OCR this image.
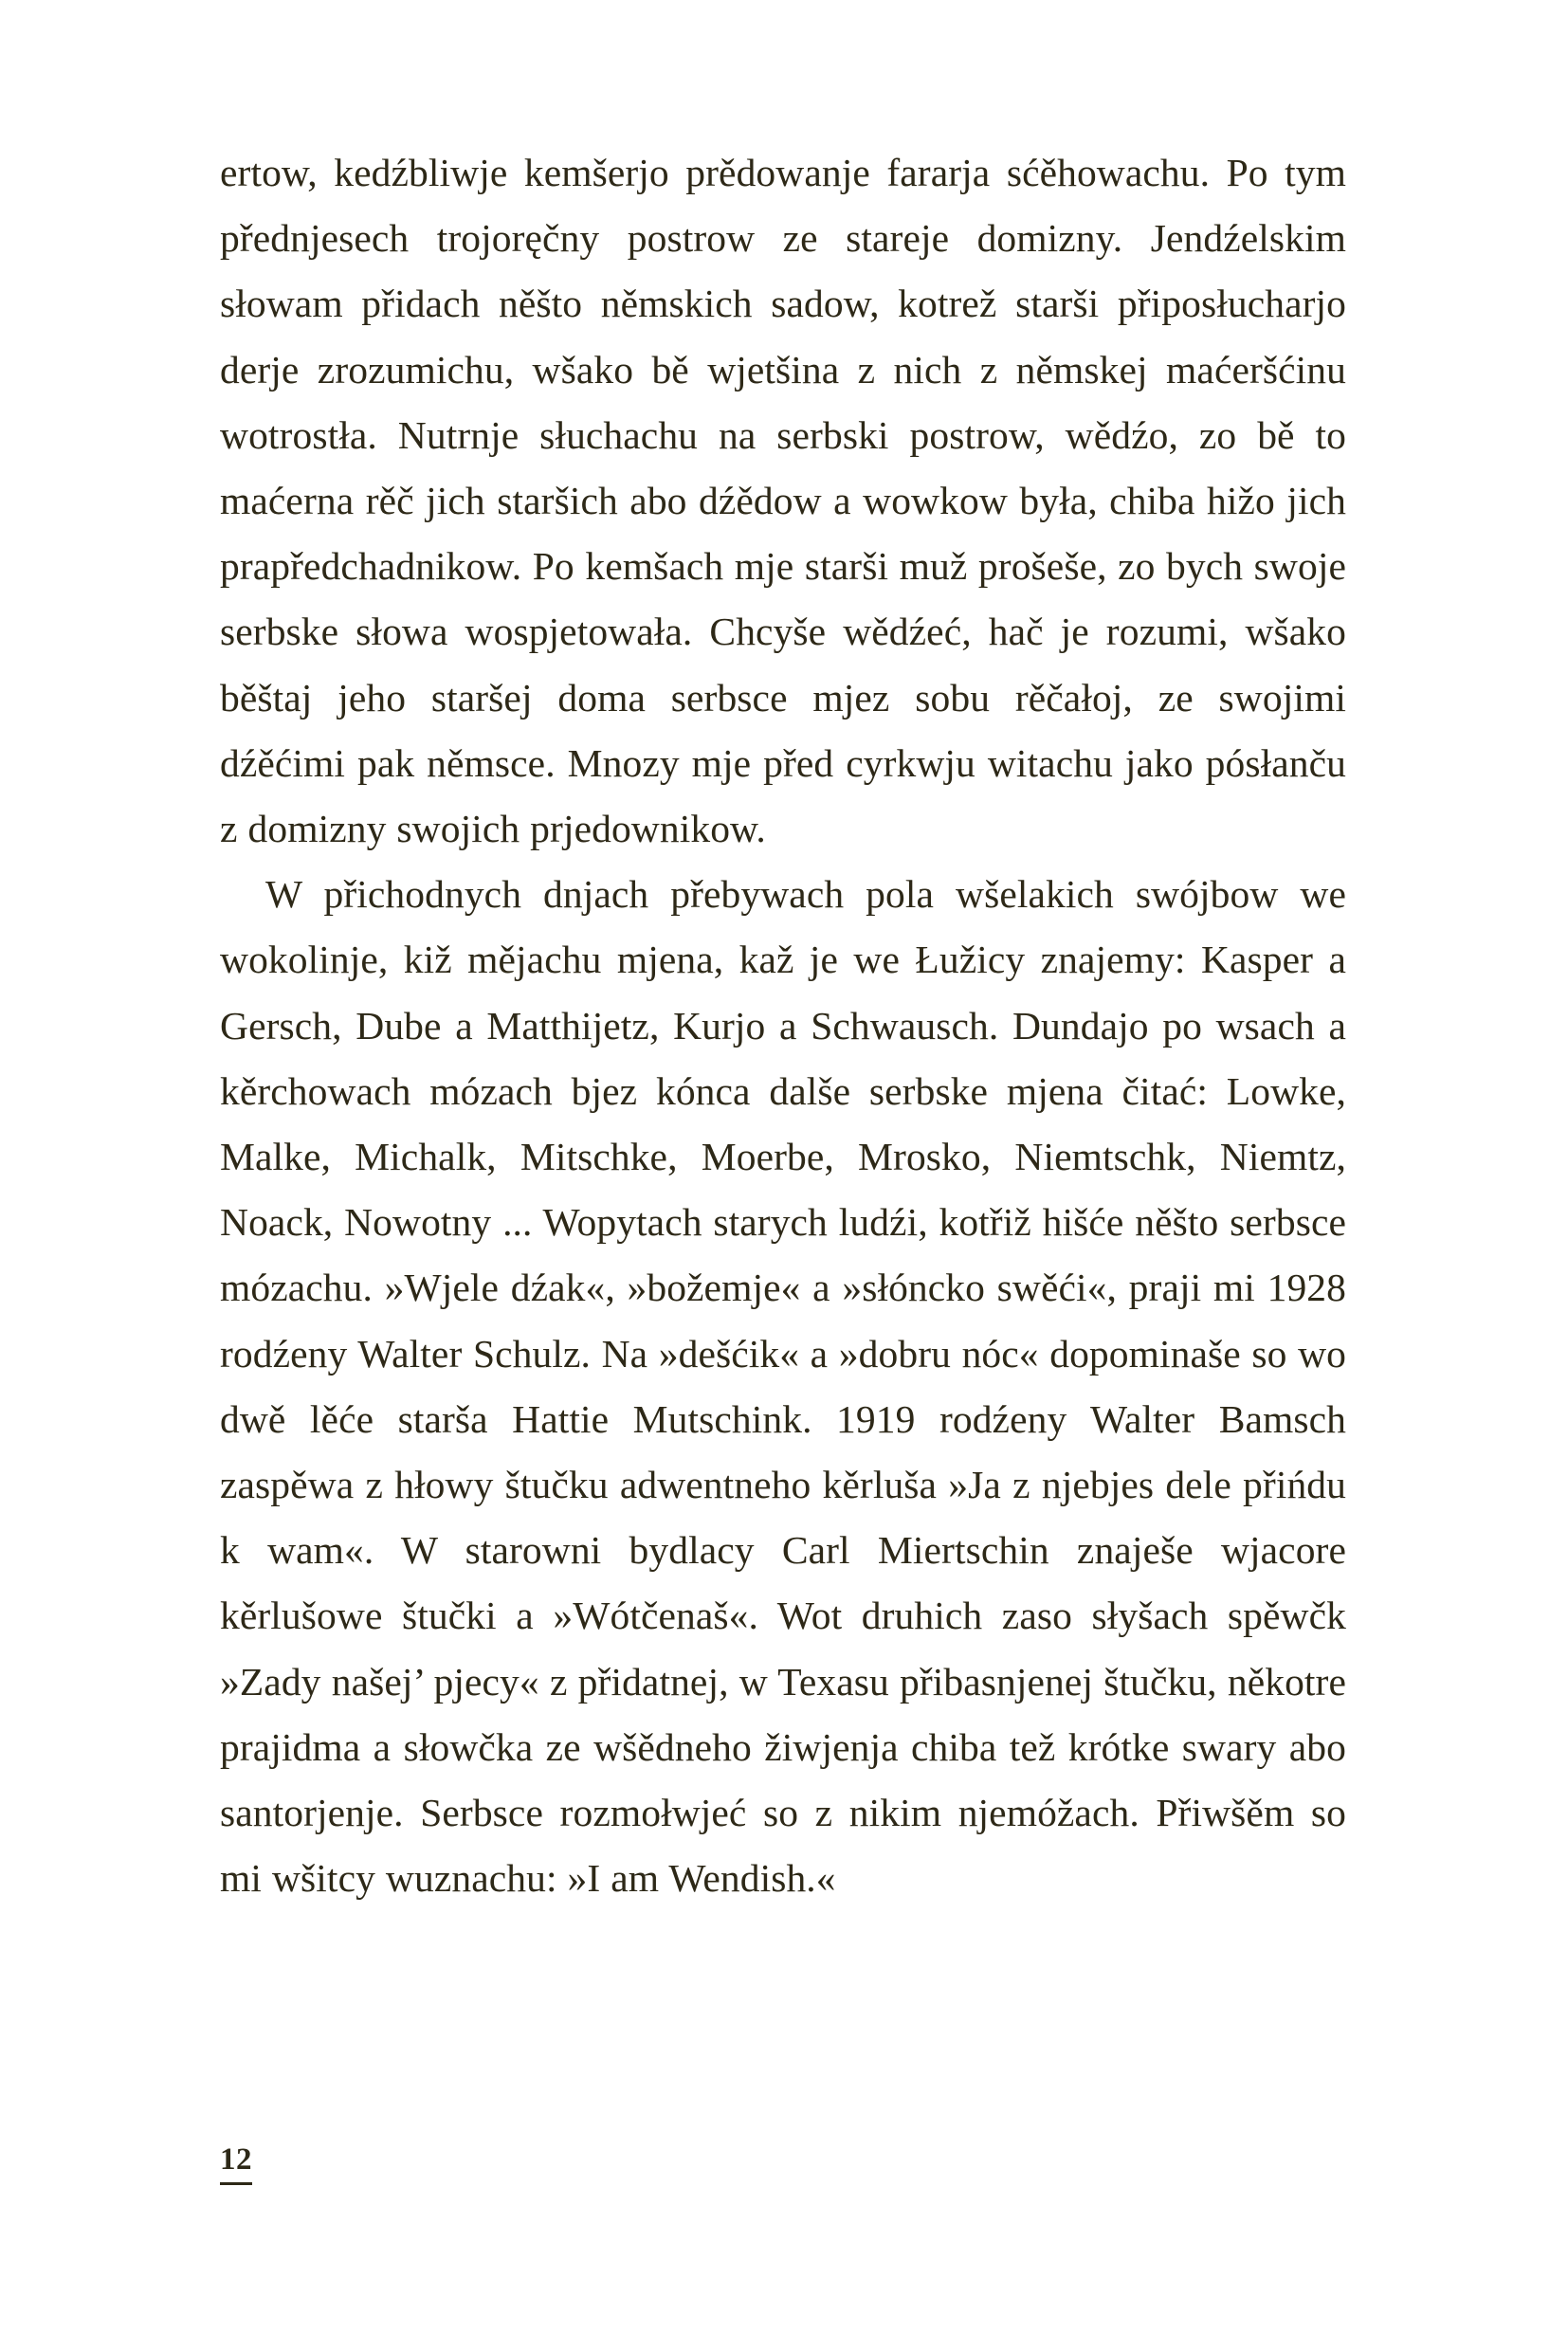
ertow, kedźbliwje kemšerjo prědowanje fararja sćěhowachu. Po tym přednjesech trojoręčny postrow ze stareje domizny. Jendźelskim słowam přidach něšto němskich sadow, kotrež starši připosłucharjo derje zrozumichu, wšako bě wjetšina z nich z němskej maćeršćinu wotrostła. Nutrnje słuchachu na serbski postrow, wědźo, zo bě to maćerna rěč jich staršich abo dźědow a wowkow była, chiba hižo jich prapředchadnikow. Po kemšach mje starši muž prošeše, zo bych swoje serbske słowa wospjetowała. Chcyše wědźeć, hač je rozumi, wšako běštaj jeho staršej doma serbsce mjez sobu rěčałoj, ze swojimi dźěćimi pak němsce. Mnozy mje před cyrkwju witachu jako pósłanču z domizny swojich prjedownikow.

W přichodnych dnjach přebywach pola wšelakich swójbow we wokolinje, kiž mějachu mjena, kaž je we Łužicy znajemy: Kasper a Gersch, Dube a Matthijetz, Kurjo a Schwausch. Dundajo po wsach a kěrchowach mózach bjez kónca dalše serbske mjena čitać: Lowke, Malke, Michalk, Mitschke, Moerbe, Mrosko, Niemtschk, Niemtz, Noack, Nowotny ... Wopytach starych ludźi, kotřiž hišće něšto serbsce mózachu. »Wjele dźak«, »božemje« a »słóncko swěći«, praji mi 1928 rodźeny Walter Schulz. Na »dešćik« a »dobru nóc« dopominaše so wo dwě lěće starša Hattie Mutschink. 1919 rodźeny Walter Bamsch zaspěwa z hłowy štučku adwentneho kěrluša »Ja z njebjes dele přińdu k wam«. W starowni bydlacy Carl Miertschin znaješe wjacore kěrlušowe štučki a »Wótčenaš«. Wot druhich zaso słyšach spěwčk »Zady našej’ pjecy« z přidatnej, w Texasu přibasnjenej štučku, někotre prajidma a słowčka ze wšědneho žiwjenja chiba tež krótke swary abo santorjenje. Serbsce rozmołwjeć so z nikim njemóžach. Přiwšěm so mi wšitcy wuznachu: »I am Wendish.«

12
